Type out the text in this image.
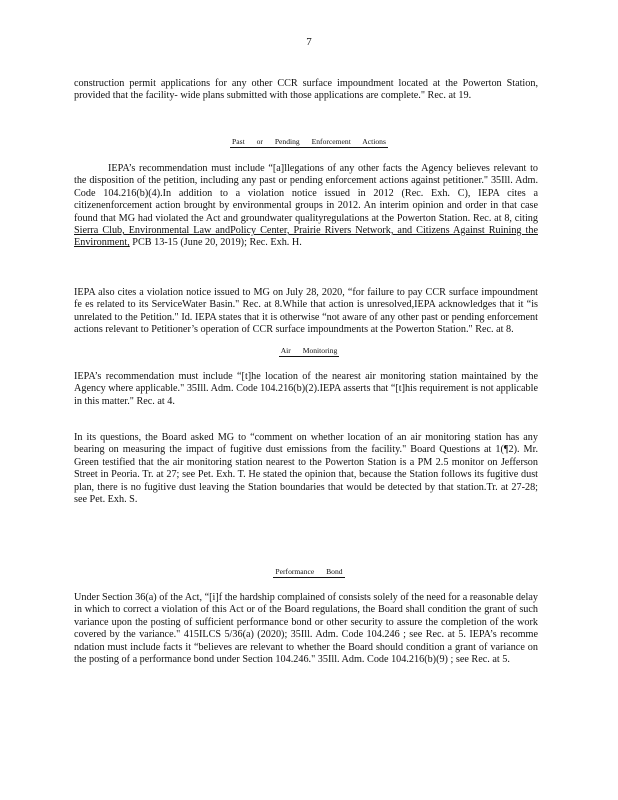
7

construction permit applications for any other CCR surface impoundment located at the Powerton Station, provided that the facility- wide plans submitted with those applications are complete." Rec. at 19.

Past or Pending Enforcement Actions

IEPA’s recommendation must include “[a]llegations of any other facts the Agency believes relevant to the disposition of the petition, including any past or pending enforcement actions against petitioner." 35Ill. Adm. Code 104.216(b)(4).In addition to a violation notice issued in 2012 (Rec. Exh. C), IEPA cites a citizenenforcement action brought by environmental groups in 2012. An interim opinion and order in that case found that MG had violated the Act and groundwater qualityregulations at the Powerton Station. Rec. at 8, citing Sierra Club, Environmental Law andPolicy Center, Prairie Rivers Network, and Citizens Against Ruining the Environment, PCB 13-15 (June 20, 2019); Rec. Exh. H.

IEPA also cites a violation notice issued to MG on July 28, 2020, “for failure to pay CCR surface impoundment fe es related to its ServiceWater Basin." Rec. at 8.While that action is unresolved,IEPA acknowledges that it “is unrelated to the Petition." Id. IEPA states that it is otherwise “not aware of any other past or pending enforcement actions relevant to Petitioner’s operation of CCR surface impoundments at the Powerton Station." Rec. at 8.

Air Monitoring

IEPA’s recommendation must include “[t]he location of the nearest air monitoring station maintained by the Agency where applicable." 35Ill. Adm. Code 104.216(b)(2).IEPA asserts that “[t]his requirement is not applicable in this matter." Rec. at 4.

In its questions, the Board asked MG to “comment on whether location of an air monitoring station has any bearing on measuring the impact of fugitive dust emissions from the facility." Board Questions at 1(¶2). Mr. Green testified that the air monitoring station nearest to the Powerton Station is a PM 2.5 monitor on Jefferson Street in Peoria. Tr. at 27; see Pet. Exh. T. He stated the opinion that, because the Station follows its fugitive dust plan, there is no fugitive dust leaving the Station boundaries that would be detected by that station.Tr. at 27-28; see Pet. Exh. S.

Performance Bond

Under Section 36(a) of the Act, “[i]f the hardship complained of consists solely of the need for a reasonable delay in which to correct a violation of this Act or of the Board regulations, the Board shall condition the grant of such variance upon the posting of sufficient performance bond or other security to assure the completion of the work covered by the variance." 415ILCS 5/36(a) (2020); 35Ill. Adm. Code 104.246 ; see Rec. at 5. IEPA’s recomme ndation must include facts it “believes are relevant to whether the Board should condition a grant of variance on the posting of a performance bond under Section 104.246." 35Ill. Adm. Code 104.216(b)(9) ; see Rec. at 5.
